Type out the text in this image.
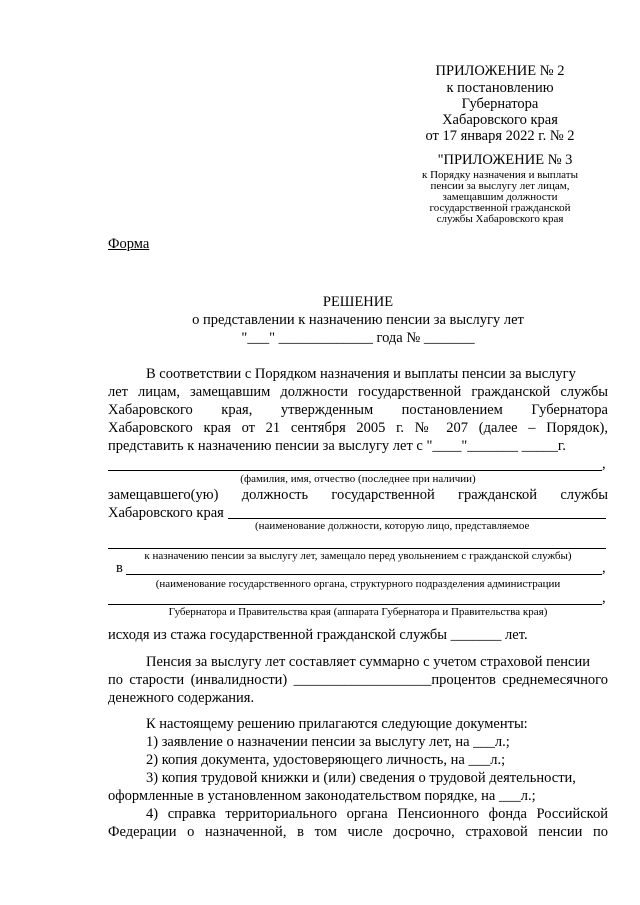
ПРИЛОЖЕНИЕ № 2
к постановлению
Губернатора
Хабаровского края
от 17 января 2022 г. № 2
"ПРИЛОЖЕНИЕ № 3
к Порядку назначения и выплаты
пенсии за выслугу лет лицам,
замещавшим должности
государственной гражданской
службы Хабаровского края
Форма
РЕШЕНИЕ
о представлении к назначению пенсии за выслугу лет
"___" _____________ года № _______
В соответствии с Порядком назначения и выплаты пенсии за выслугу
лет лицам, замещавшим должности государственной гражданской службы
Хабаровского края, утвержденным постановлением Губернатора
Хабаровского края от 21 сентября 2005 г. № 207 (далее – Порядок),
представить к назначению пенсии за выслугу лет с "____"_______ _____г.
,
(фамилия, имя, отчество (последнее при наличии)
замещавшего(ую) должность государственной гражданской службы
Хабаровского края
(наименование должности, которую лицо, представляемое
к назначению пенсии за выслугу лет, замещало перед увольнением с гражданской службы)
в	,
(наименование государственного органа, структурного подразделения администрации
,
Губернатора и Правительства края (аппарата Губернатора и Правительства края)
исходя из стажа государственной гражданской службы _______ лет.
Пенсия за выслугу лет составляет суммарно с учетом страховой пенсии
по старости (инвалидности) ___________________процентов среднемесячного
денежного содержания.
К настоящему решению прилагаются следующие документы:
1) заявление о назначении пенсии за выслугу лет, на ___л.;
2) копия документа, удостоверяющего личность, на ___л.;
3) копия трудовой книжки и (или) сведения о трудовой деятельности,
оформленные в установленном законодательством порядке, на ___л.;
4) справка территориального органа Пенсионного фонда Российской
Федерации о назначенной, в том числе досрочно, страховой пенсии по
